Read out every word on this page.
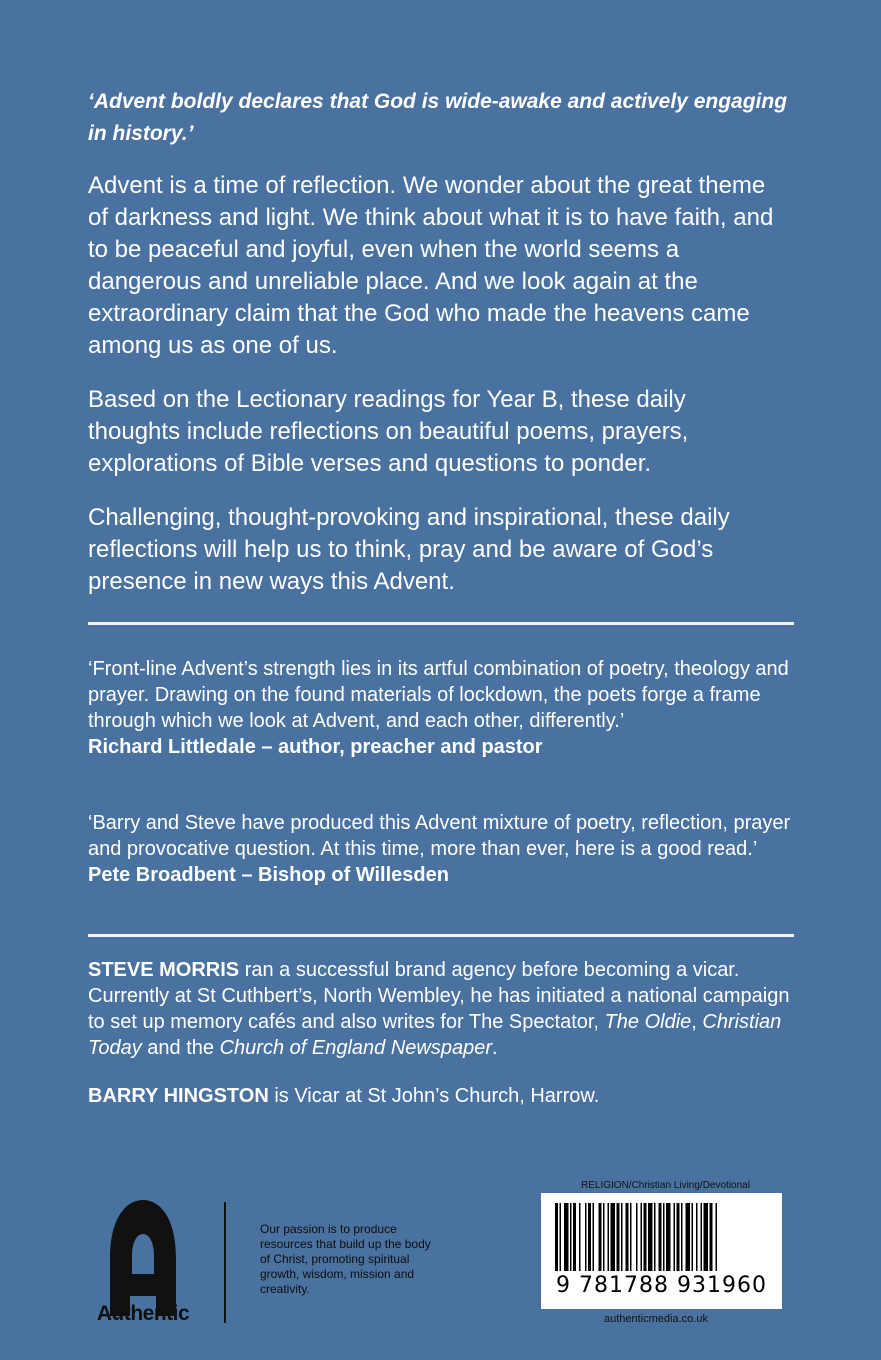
‘Advent boldly declares that God is wide-awake and actively engaging in history.’

Advent is a time of reflection. We wonder about the great theme of darkness and light. We think about what it is to have faith, and to be peaceful and joyful, even when the world seems a dangerous and unreliable place. And we look again at the extraordinary claim that the God who made the heavens came among us as one of us.

Based on the Lectionary readings for Year B, these daily thoughts include reflections on beautiful poems, prayers, explorations of Bible verses and questions to ponder.

Challenging, thought-provoking and inspirational, these daily reflections will help us to think, pray and be aware of God’s presence in new ways this Advent.

‘Front-line Advent’s strength lies in its artful combination of poetry, theology and prayer. Drawing on the found materials of lockdown, the poets forge a frame through which we look at Advent, and each other, differently.’
Richard Littledale – author, preacher and pastor
‘Barry and Steve have produced this Advent mixture of poetry, reflection, prayer and provocative question. At this time, more than ever, here is a good read.’
Pete Broadbent – Bishop of Willesden

STEVE MORRIS ran a successful brand agency before becoming a vicar. Currently at St Cuthbert’s, North Wembley, he has initiated a national campaign to set up memory cafés and also writes for The Spectator, The Oldie, Christian Today and the Church of England Newspaper.

BARRY HINGSTON is Vicar at St John’s Church, Harrow.

Authentic
Our passion is to produce resources that build up the body of Christ, promoting spiritual growth, wisdom, mission and creativity.
RELIGION/Christian Living/Devotional
9 781788 931960
authenticmedia.co.uk
